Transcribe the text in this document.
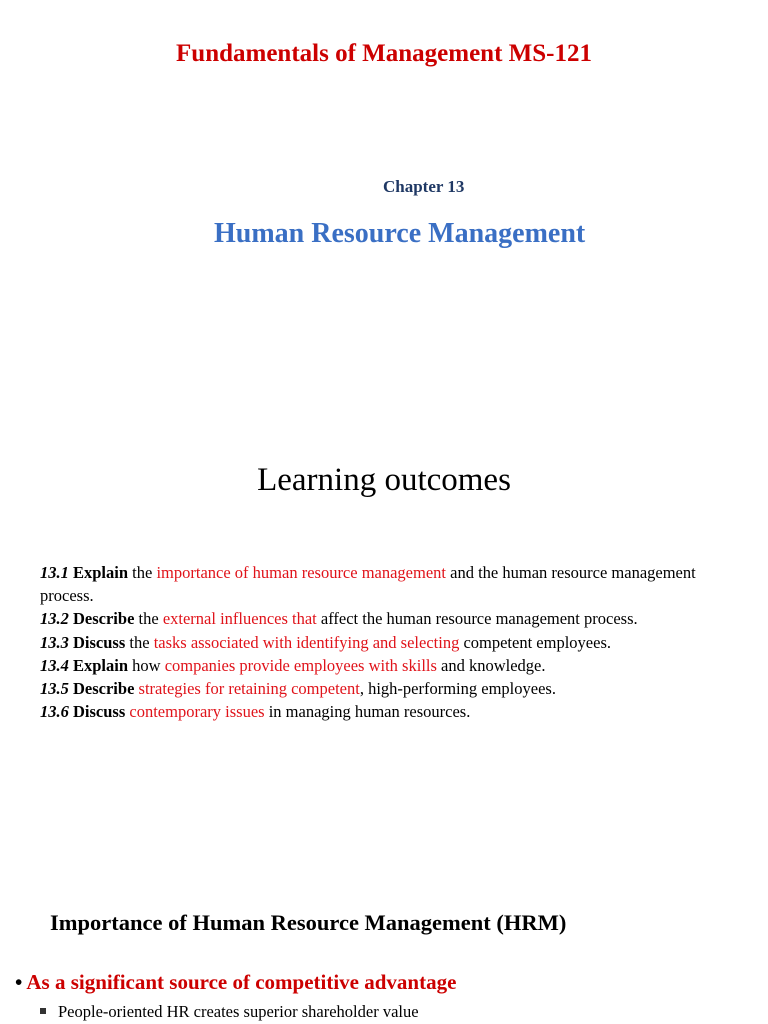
Fundamentals of Management MS-121
Chapter 13
Human Resource Management
Learning outcomes

13.1 Explain the importance of human resource management and the human resource management process.

13.2 Describe the external influences that affect the human resource management process.

13.3 Discuss the tasks associated with identifying and selecting competent employees.

13.4 Explain how companies provide employees with skills and knowledge.

13.5 Describe strategies for retaining competent, high-performing employees.

13.6 Discuss contemporary issues in managing human resources.

Importance of Human Resource Management (HRM)
• As a significant source of competitive advantage
People-oriented HR creates superior shareholder value
